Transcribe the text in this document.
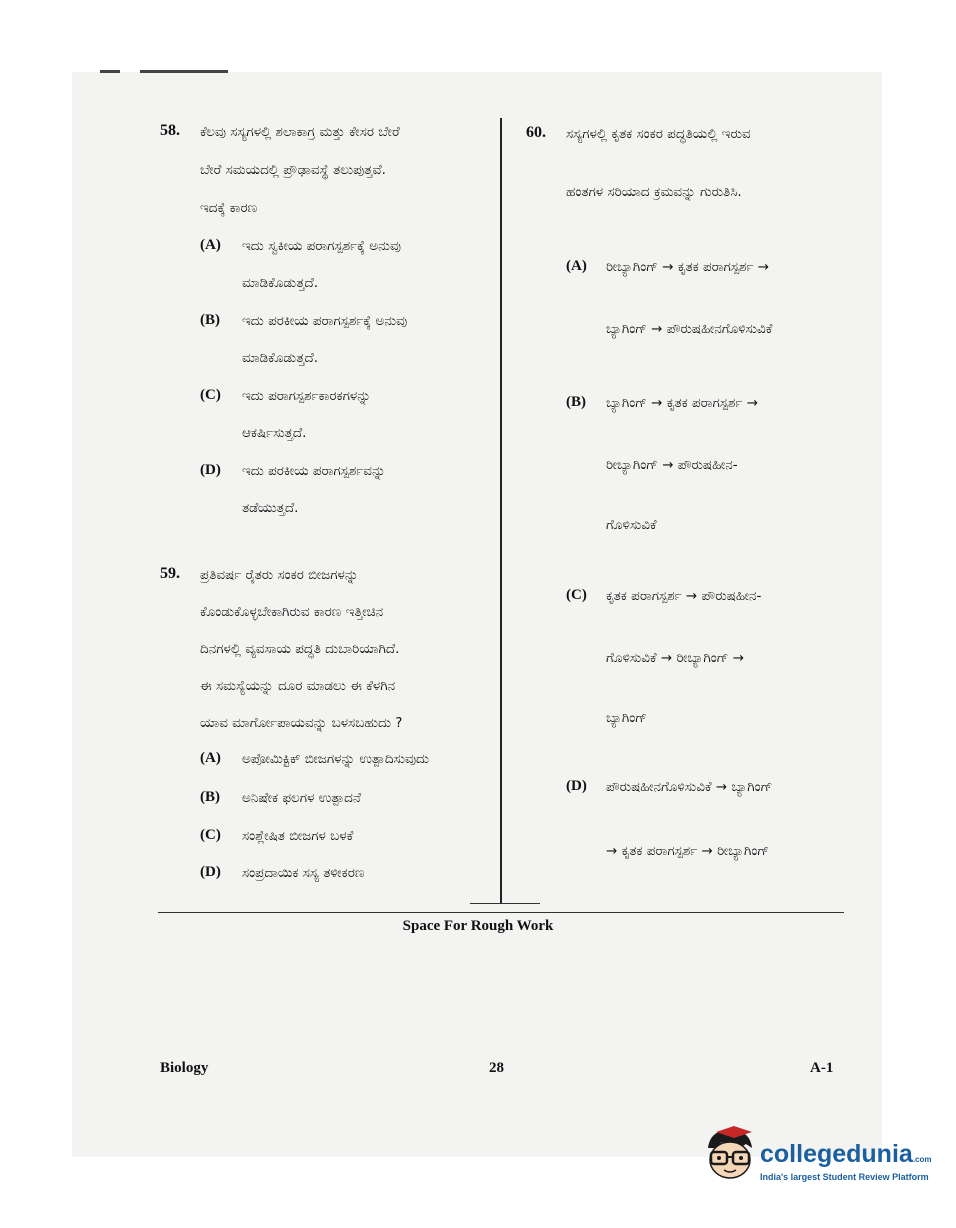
58. ಕೆಲವು ಸಸ್ಯಗಳಲ್ಲಿ ಶಲಾಕಾಗ್ರ ಮತ್ತು ಕೇಸರ ಬೇರೆ
ಬೇರೆ ಸಮಯದಲ್ಲಿ ಪ್ರೌಢಾವಸ್ಥೆ ತಲುಪುತ್ತವೆ.
ಇದಕ್ಕೆ ಕಾರಣ
(A) ಇದು ಸ್ವಕೀಯ ಪರಾಗಸ್ಪರ್ಶಕ್ಕೆ ಅನುವು
ಮಾಡಿಕೊಡುತ್ತದೆ.
(B) ಇದು ಪರಕೀಯ ಪರಾಗಸ್ಪರ್ಶಕ್ಕೆ ಅನುವು
ಮಾಡಿಕೊಡುತ್ತದೆ.
(C) ಇದು ಪರಾಗಸ್ಪರ್ಶಕಾರಕಗಳನ್ನು
ಆಕರ್ಷಿಸುತ್ತದೆ.
(D) ಇದು ಪರಕೀಯ ಪರಾಗಸ್ಪರ್ಶವನ್ನು
ತಡೆಯುತ್ತದೆ.
59. ಪ್ರತಿವರ್ಷ ರೈತರು ಸಂಕರ ಬೀಜಗಳನ್ನು
ಕೊಂಡುಕೊಳ್ಳಬೇಕಾಗಿರುವ ಕಾರಣ ಇತ್ತೀಚಿನ
ದಿನಗಳಲ್ಲಿ ವ್ಯವಸಾಯ ಪದ್ಧತಿ ದುಬಾರಿಯಾಗಿದೆ.
ಈ ಸಮಸ್ಯೆಯನ್ನು ದೂರ ಮಾಡಲು ಈ ಕೆಳಗಿನ
ಯಾವ ಮಾರ್ಗೋಪಾಯವನ್ನು ಬಳಸಬಹುದು ?
(A) ಅಪೋಮಿಕ್ಟಿಕ್ ಬೀಜಗಳನ್ನು ಉತ್ಪಾದಿಸುವುದು
(B) ಅನಿಷೇಕ ಫಲಗಳ ಉತ್ಪಾದನೆ
(C) ಸಂಶ್ಲೇಷಿತ ಬೀಜಗಳ ಬಳಕೆ
(D) ಸಂಪ್ರದಾಯಿಕ ಸಸ್ಯ ತಳೀಕರಣ
60. ಸಸ್ಯಗಳಲ್ಲಿ ಕೃತಕ ಸಂಕರ ಪದ್ಧತಿಯಲ್ಲಿ ಇರುವ
ಹಂತಗಳ ಸರಿಯಾದ ಕ್ರಮವನ್ನು ಗುರುತಿಸಿ.
(A) ರೀಬ್ಯಾಗಿಂಗ್ → ಕೃತಕ ಪರಾಗಸ್ಪರ್ಶ →
ಬ್ಯಾಗಿಂಗ್ → ಪೌರುಷಹೀನಗೊಳಿಸುವಿಕೆ
(B) ಬ್ಯಾಗಿಂಗ್ → ಕೃತಕ ಪರಾಗಸ್ಪರ್ಶ →
ರೀಬ್ಯಾಗಿಂಗ್ → ಪೌರುಷಹೀನ-
ಗೊಳಿಸುವಿಕೆ
(C) ಕೃತಕ ಪರಾಗಸ್ಪರ್ಶ → ಪೌರುಷಹೀನ-
ಗೊಳಿಸುವಿಕೆ → ರೀಬ್ಯಾಗಿಂಗ್ →
ಬ್ಯಾಗಿಂಗ್
(D) ಪೌರುಷಹೀನಗೊಳಿಸುವಿಕೆ → ಬ್ಯಾಗಿಂಗ್
→ ಕೃತಕ ಪರಾಗಸ್ಪರ್ಶ → ರೀಬ್ಯಾಗಿಂಗ್
Space For Rough Work
Biology	28	A-1
collegedunia.com
India's largest Student Review Platform
